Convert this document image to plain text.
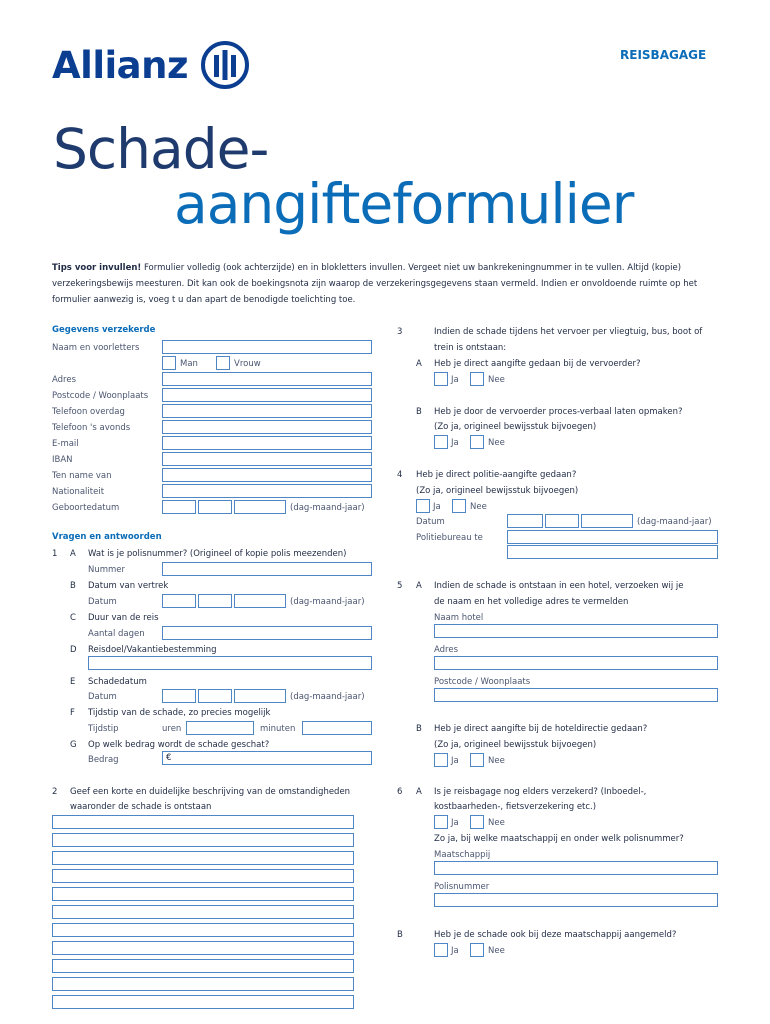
Allianz	REISBAGAGE
Schade-
aangifteformulier
Tips voor invullen! Formulier volledig (ook achterzijde) en in blokletters invullen. Vergeet niet uw bankrekeningnummer in te vullen. Altijd (kopie)
verzekeringsbewijs meesturen. Dit kan ook de boekingsnota zijn waarop de verzekeringsgegevens staan vermeld. Indien er onvoldoende ruimte op het
formulier aanwezig is, voeg t u dan apart de benodigde toelichting toe.
Gegevens verzekerde
Naam en voorletters
Man	Vrouw
Adres
Postcode / Woonplaats
Telefoon overdag
Telefoon 's avonds
E-mail
IBAN
Ten name van
Nationaliteit
Geboortedatum	(dag-maand-jaar)
Vragen en antwoorden
1 A Wat is je polisnummer? (Origineel of kopie polis meezenden)
Nummer
B Datum van vertrek
Datum	(dag-maand-jaar)
C Duur van de reis
Aantal dagen
D Reisdoel/Vakantiebestemming
E Schadedatum
Datum	(dag-maand-jaar)
F Tijdstip van de schade, zo precies mogelijk
Tijdstip	uren	minuten
G Op welk bedrag wordt de schade geschat?
Bedrag	€
2 Geef een korte en duidelijke beschrijving van de omstandigheden
waaronder de schade is ontstaan
3	Indien de schade tijdens het vervoer per vliegtuig, bus, boot of
trein is ontstaan:
A Heb je direct aangifte gedaan bij de vervoerder?
Ja	Nee
B Heb je door de vervoerder proces-verbaal laten opmaken?
(Zo ja, origineel bewijsstuk bijvoegen)
Ja	Nee
4 Heb je direct politie-aangifte gedaan?
(Zo ja, origineel bewijsstuk bijvoegen)
Ja	Nee
Datum	(dag-maand-jaar)
Politiebureau te
5 A Indien de schade is ontstaan in een hotel, verzoeken wij je
de naam en het volledige adres te vermelden
Naam hotel
Adres
Postcode / Woonplaats
B Heb je direct aangifte bij de hoteldirectie gedaan?
(Zo ja, origineel bewijsstuk bijvoegen)
Ja	Nee
6 A Is je reisbagage nog elders verzekerd? (Inboedel-,
kostbaarheden-, fietsverzekering etc.)
Ja	Nee
Zo ja, bij welke maatschappij en onder welk polisnummer?
Maatschappij
Polisnummer
B	Heb je de schade ook bij deze maatschappij aangemeld?
Ja	Nee
